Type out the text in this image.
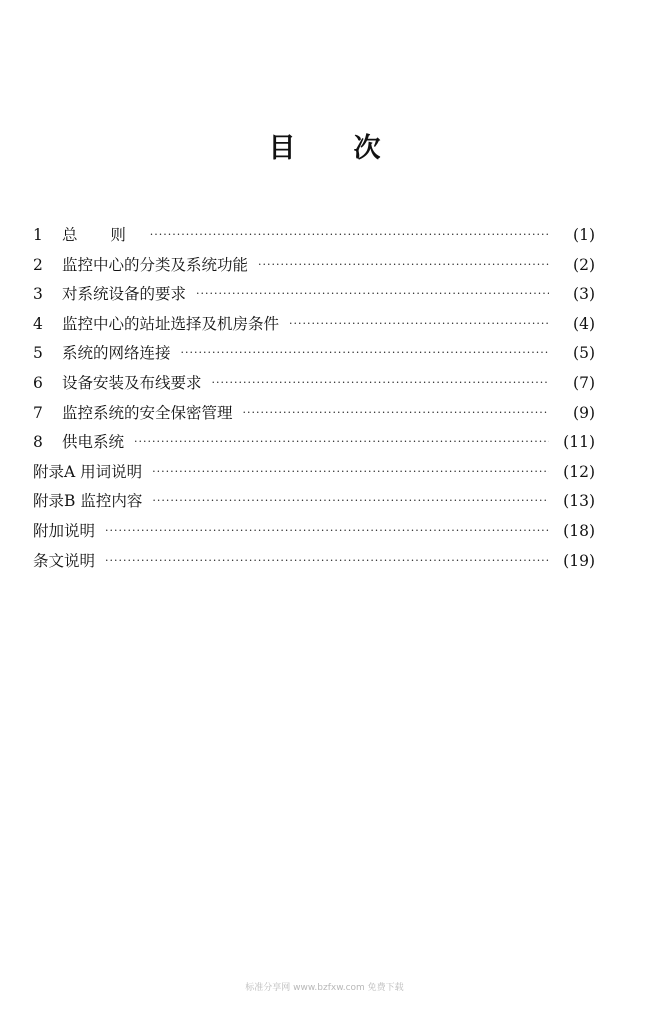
目 次
1	总 则 ·····	(1)
2	监控中心的分类及系统功能 ·····	(2)
3	对系统设备的要求 ·····	(3)
4	监控中心的站址选择及机房条件 ·····	(4)
5	系统的网络连接 ·····	(5)
6	设备安装及布线要求 ·····	(7)
7	监控系统的安全保密管理 ·····	(9)
8	供电系统 ·····	(11)
附录A 用词说明 ·····	(12)
附录B 监控内容 ·····	(13)
附加说明 ·····	(18)
条文说明 ·····	(19)
标准分享网 www.bzfxw.com 免费下载
